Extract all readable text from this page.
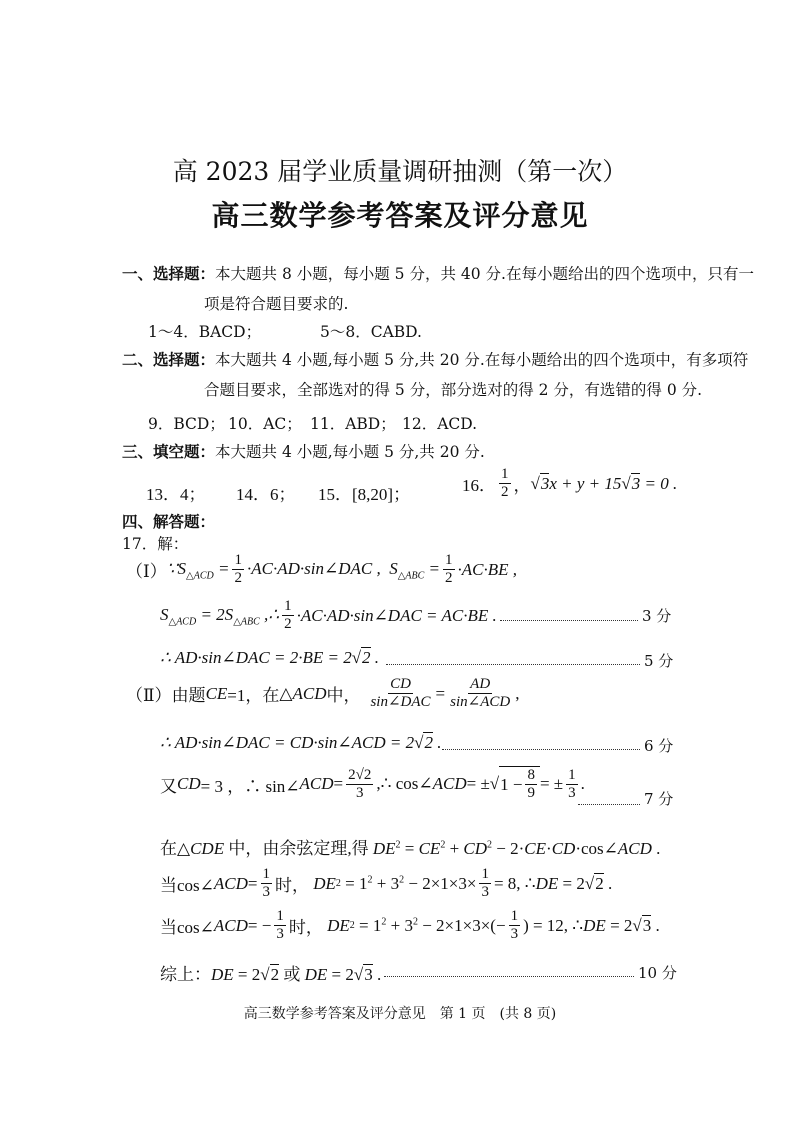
高 2023 届学业质量调研抽测（第一次）
高三数学参考答案及评分意见
一、选择题：本大题共 8 小题，每小题 5 分，共 40 分.在每小题给出的四个选项中，只有一
项是符合题目要求的.
1～4．BACD；	5～8．CABD.
二、选择题：本大题共 4 小题,每小题 5 分,共 20 分.在每小题给出的四个选项中，有多项符
合题目要求，全部选对的得 5 分，部分选对的得 2 分，有选错的得 0 分.
9．BCD； 10．AC； 11．ABD； 12．ACD.
三、填空题：本大题共 4 小题,每小题 5 分,共 20 分.
13．4； 14．6； 15．[8,20]；	16． $\frac{1}{2}$ ， √3x + y + 15√3 = 0 .
四、解答题：
17．解：
（Ⅰ） $\because S_{\triangle ACD} = \frac{1}{2}$ ·AC·AD·sin∠DAC ,  $S_{\triangle ABC} = \frac{1}{2} \cdot AC\cdot BE$ ,
$S_{\triangle ACD} = 2S_{\triangle ABC}$ ,∴ $\frac{1}{2}$ ·AC·AD·sin∠DAC = AC·BE .	3 分
∴ AD·sin∠DAC = 2·BE = 2√2 .	5 分
（Ⅱ） 由题 CE =1，在 △ACD 中， $\frac{CD}{\text{sin∠DAC}} = \frac{AD}{\text{sin∠ACD}}$ ,
∴ AD·sin∠DAC = CD·sin∠ACD = 2√2 .	6 分
又 CD = 3 ，∴ sin∠ ACD = $\frac{2√2}{3}$ ,∴ cos∠ ACD = ±√ $1 - \frac{8}{9}$ = ± $\frac{1}{3}$ .
7 分
在△CDE 中，由余弦定理,得 $DE^2 = CE^2 + CD^2$ − 2·CE·CD·cos∠ACD .
当cos∠ ACD = $\frac{1}{3}$ 时， DE $2 = 1^2 + 3^2 - 2\times 1\times 3\times \frac{1}{3} = 8$, ∴ DE = 2√2 .
当cos∠ ACD = − $\frac{1}{3}$ 时， DE $2 = 1^2 + 3^2 - 2\times 1\times 3\times(- \frac{1}{3}$ ) = 12, ∴ DE = 2√3 .
综上：DE = 2√2 或 DE = 2√3 .	10 分
高三数学参考答案及评分意见　第 1 页　(共 8 页)
